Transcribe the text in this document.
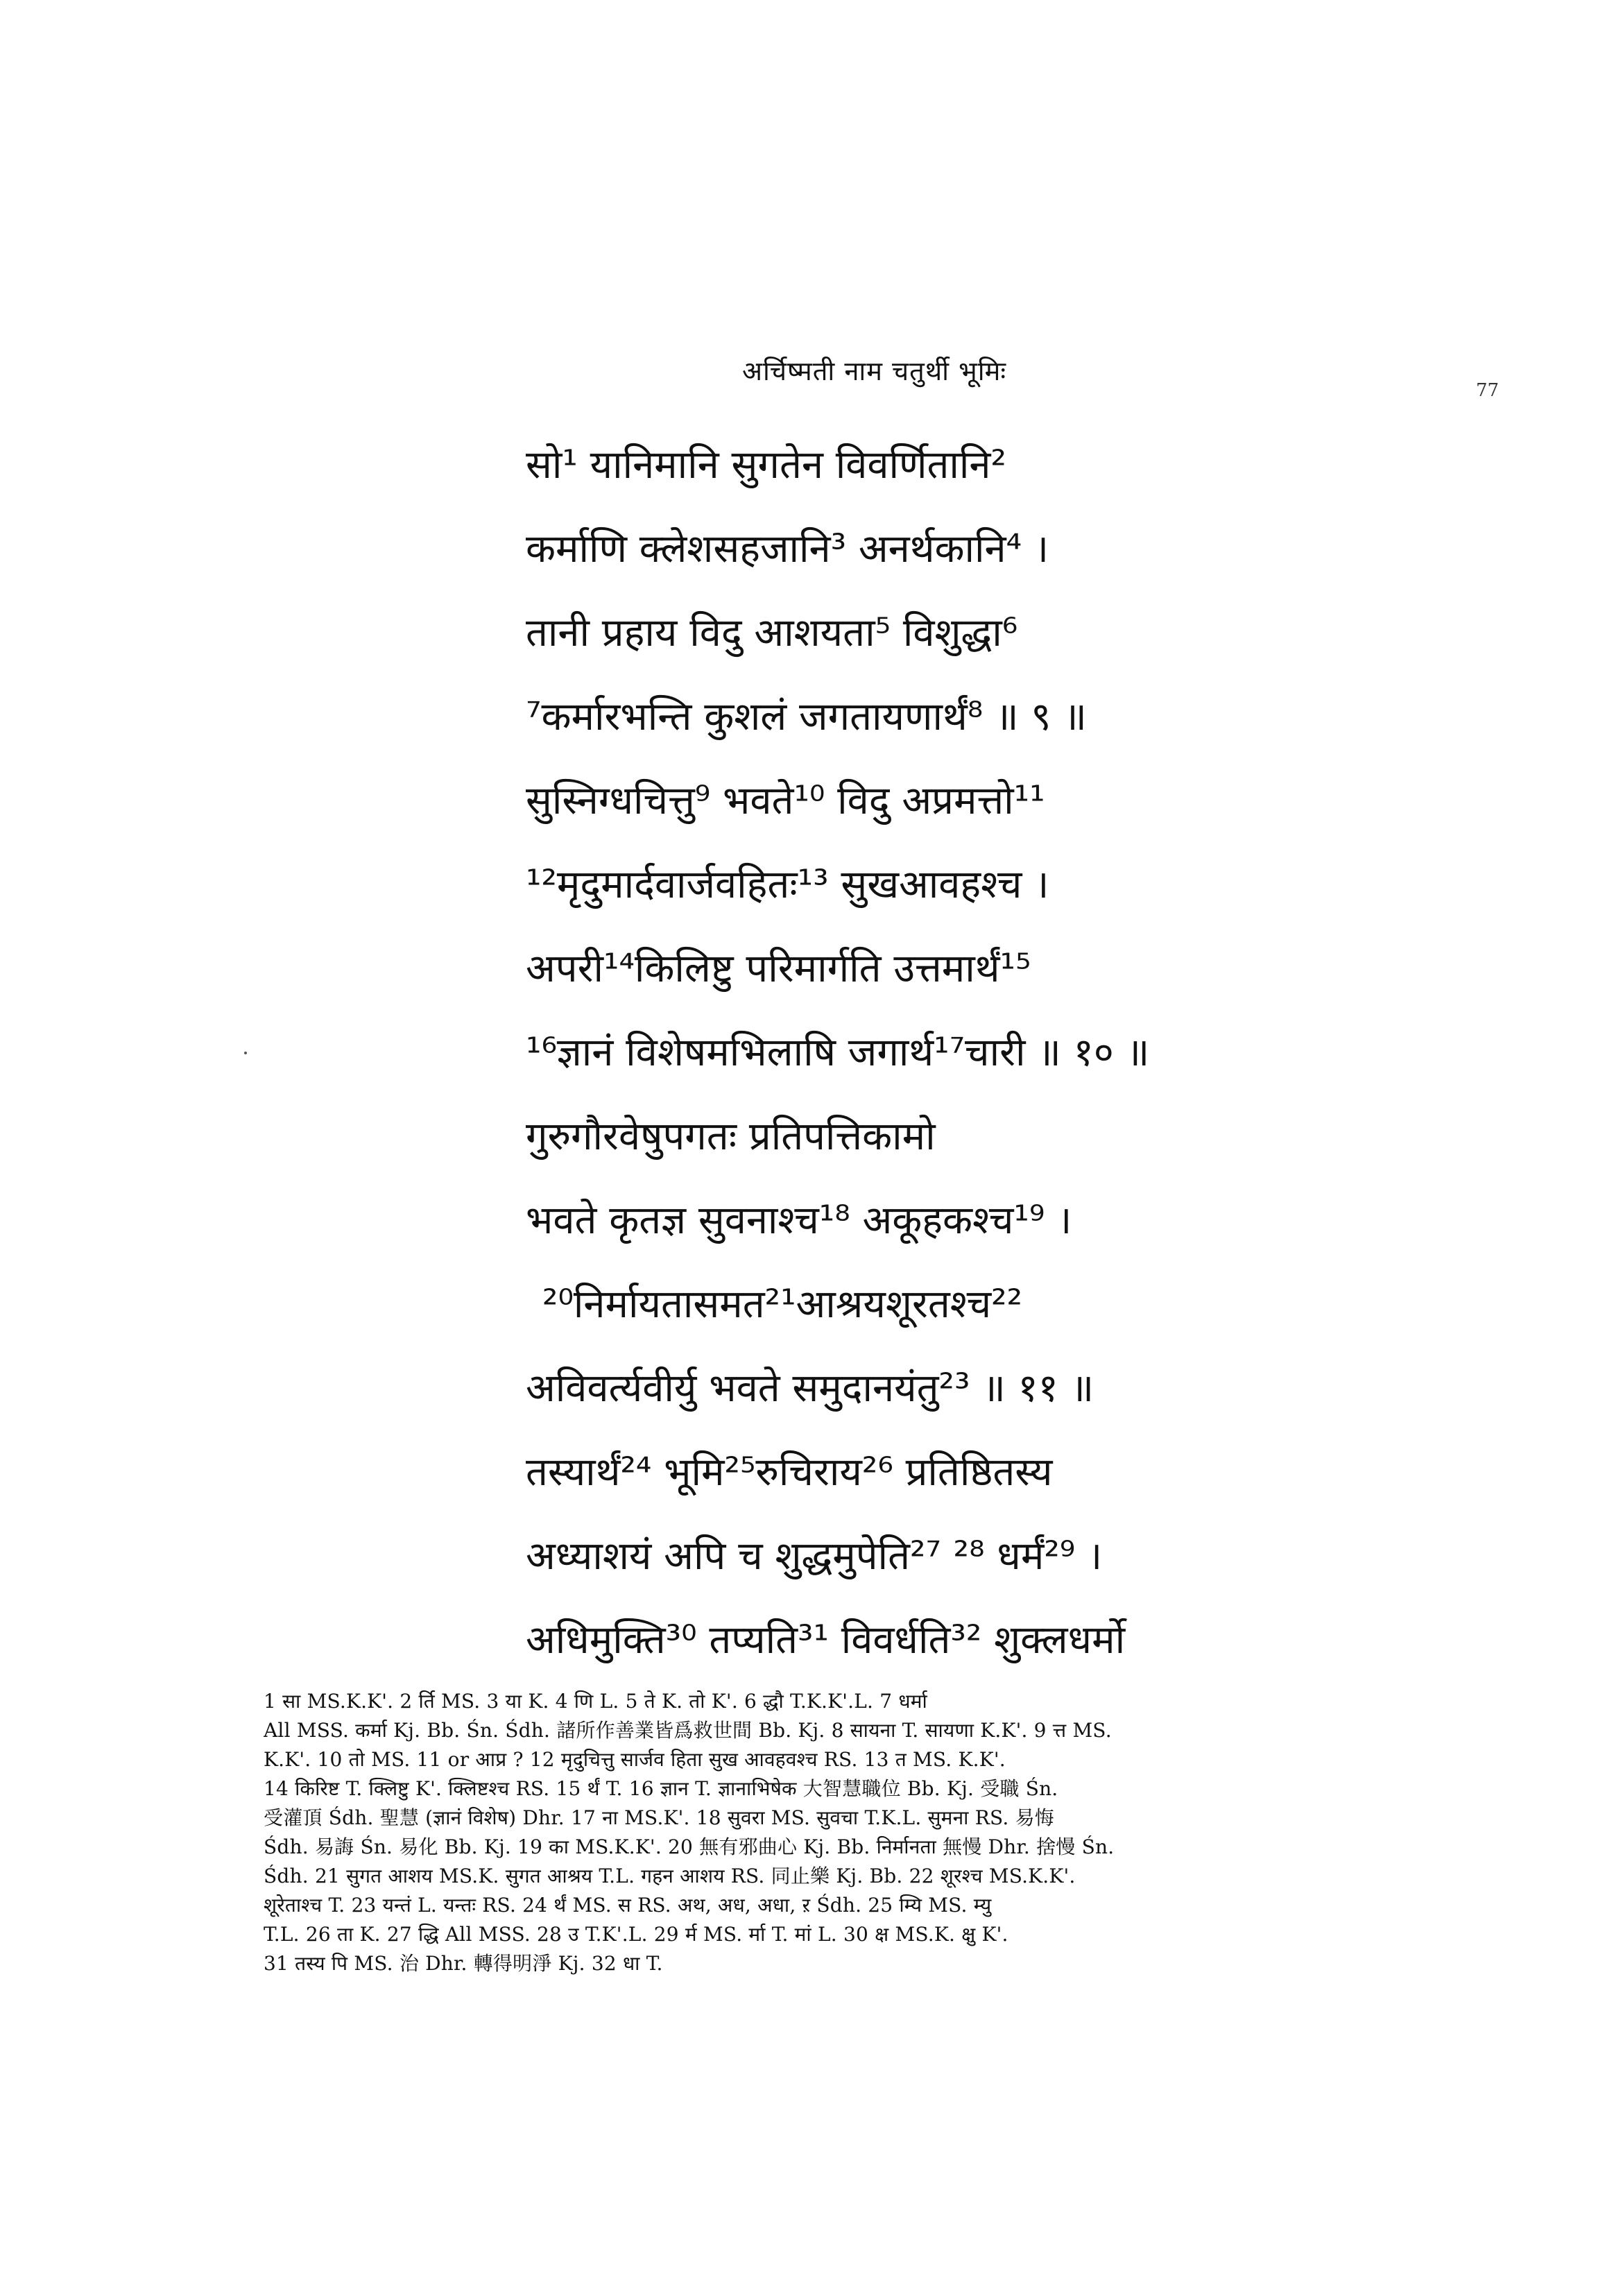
अर्चिष्मती नाम चतुर्थी भूमिः
77
सो¹ यानिमानि सुगतेन विवर्णितानि²
कर्माणि क्लेशसहजानि³ अनर्थकानि⁴ ।
तानी प्रहाय विदु आशयता⁵ विशुद्धा⁶
⁷कर्मारभन्ति कुशलं जगतायणार्थं⁸ ॥ ९ ॥
सुस्निग्धचित्तु⁹ भवते¹⁰ विदु अप्रमत्तो¹¹
¹²मृदुमार्दवार्जवहितः¹³ सुखआवहश्च ।
अपरी¹⁴किलिष्टु परिमार्गति उत्तमार्थं¹⁵
¹⁶ज्ञानं विशेषमभिलाषि जगार्थ¹⁷चारी ॥ १० ॥
गुरुगौरवेषुपगतः प्रतिपत्तिकामो
भवते कृतज्ञ सुवनाश्च¹⁸ अकूहकश्च¹⁹ ।
²⁰निर्मायतासमत²¹आश्रयशूरतश्च²²
अविवर्त्यवीर्यु भवते समुदानयंतु²³ ॥ ११ ॥
तस्यार्थं²⁴ भूमि²⁵रुचिराय²⁶ प्रतिष्ठितस्य
अध्याशयं अपि च शुद्धमुपेति²⁷ ²⁸ धर्मं²⁹ ।
अधिमुक्ति³⁰ तप्यति³¹ विवर्धति³² शुक्लधर्मो
1 सा MS.K.K'. 2 र्ति MS. 3 या K. 4 णि L. 5 ते K. तो K'. 6 द्धौ T.K.K'.L. 7 धर्मा
All MSS. कर्मा Kj. Bb. Śn. Śdh. 諸所作善業皆爲救世間 Bb. Kj. 8 सायना T. सायणा K.K'. 9 त्त MS.
K.K'. 10 तो MS. 11 or आप्र ? 12 मृदुचित्तु सार्जव हिता सुख आवहवश्च RS. 13 त MS. K.K'.
14 किरिष्ट T. क्लिष्टु K'. क्लिष्टश्च RS. 15 र्थं T. 16 ज्ञान T. ज्ञानाभिषेक 大智慧職位 Bb. Kj. 受職 Śn.
受灌頂 Śdh. 聖慧 (ज्ञानं विशेष) Dhr. 17 ना MS.K'. 18 सुवरा MS. सुवचा T.K.L. सुमना RS. 易悔
Śdh. 易誨 Śn. 易化 Bb. Kj. 19 का MS.K.K'. 20 無有邪曲心 Kj. Bb. निर्मानता 無慢 Dhr. 捨慢 Śn.
Śdh. 21 सुगत आशय MS.K. सुगत आश्रय T.L. गहन आशय RS. 同止樂 Kj. Bb. 22 शूरश्च MS.K.K'.
शूरेताश्च T. 23 यन्तं L. यन्तः RS. 24 र्थं MS. स RS. अथ, अध, अधा, ऱ Śdh. 25 म्यि MS. म्यु
T.L. 26 ता K. 27 द्धि All MSS. 28 उ T.K'.L. 29 र्म MS. र्मा T. मां L. 30 क्ष MS.K. क्षु K'.
31 तस्य पि MS. 治 Dhr. 轉得明淨 Kj. 32 धा T.
